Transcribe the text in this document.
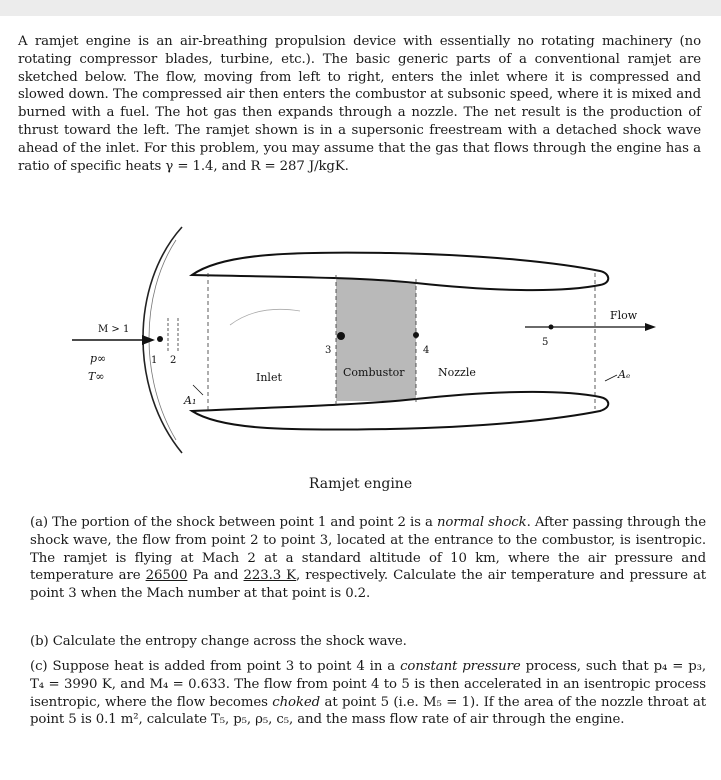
A ramjet engine is an air-breathing propulsion device with essentially no rotating machinery (no rotating compressor blades, turbine, etc.). The basic generic parts of a conventional ramjet are sketched below. The flow, moving from left to right, enters the inlet where it is compressed and slowed down. The compressed air then enters the combustor at subsonic speed, where it is mixed and burned with a fuel. The hot gas then expands through a nozzle. The net result is the production of thrust toward the left. The ramjet shown is in a supersonic freestream with a detached shock wave ahead of the inlet. For this problem, you may assume that the gas that flows through the engine has a ratio of specific heats γ = 1.4, and R = 287 J/kgK.

M > 1
p∞
T∞
1 2
3	4
5
A₁
Aₑ
Inlet	Combustor	Nozzle
Flow
Ramjet engine

(a) The portion of the shock between point 1 and point 2 is a normal shock. After passing through the shock wave, the flow from point 2 to point 3, located at the entrance to the combustor, is isentropic. The ramjet is flying at Mach 2 at a standard altitude of 10 km, where the air pressure and temperature are 26500 Pa and 223.3 K, respectively. Calculate the air temperature and pressure at point 3 when the Mach number at that point is 0.2.

(b) Calculate the entropy change across the shock wave.

(c) Suppose heat is added from point 3 to point 4 in a constant pressure process, such that p₄ = p₃, T₄ = 3990 K, and M₄ = 0.633. The flow from point 4 to 5 is then accelerated in an isentropic process isentropic, where the flow becomes choked at point 5 (i.e. M₅ = 1). If the area of the nozzle throat at point 5 is 0.1 m², calculate T₅, p₅, ρ₅, c₅, and the mass flow rate of air through the engine.
